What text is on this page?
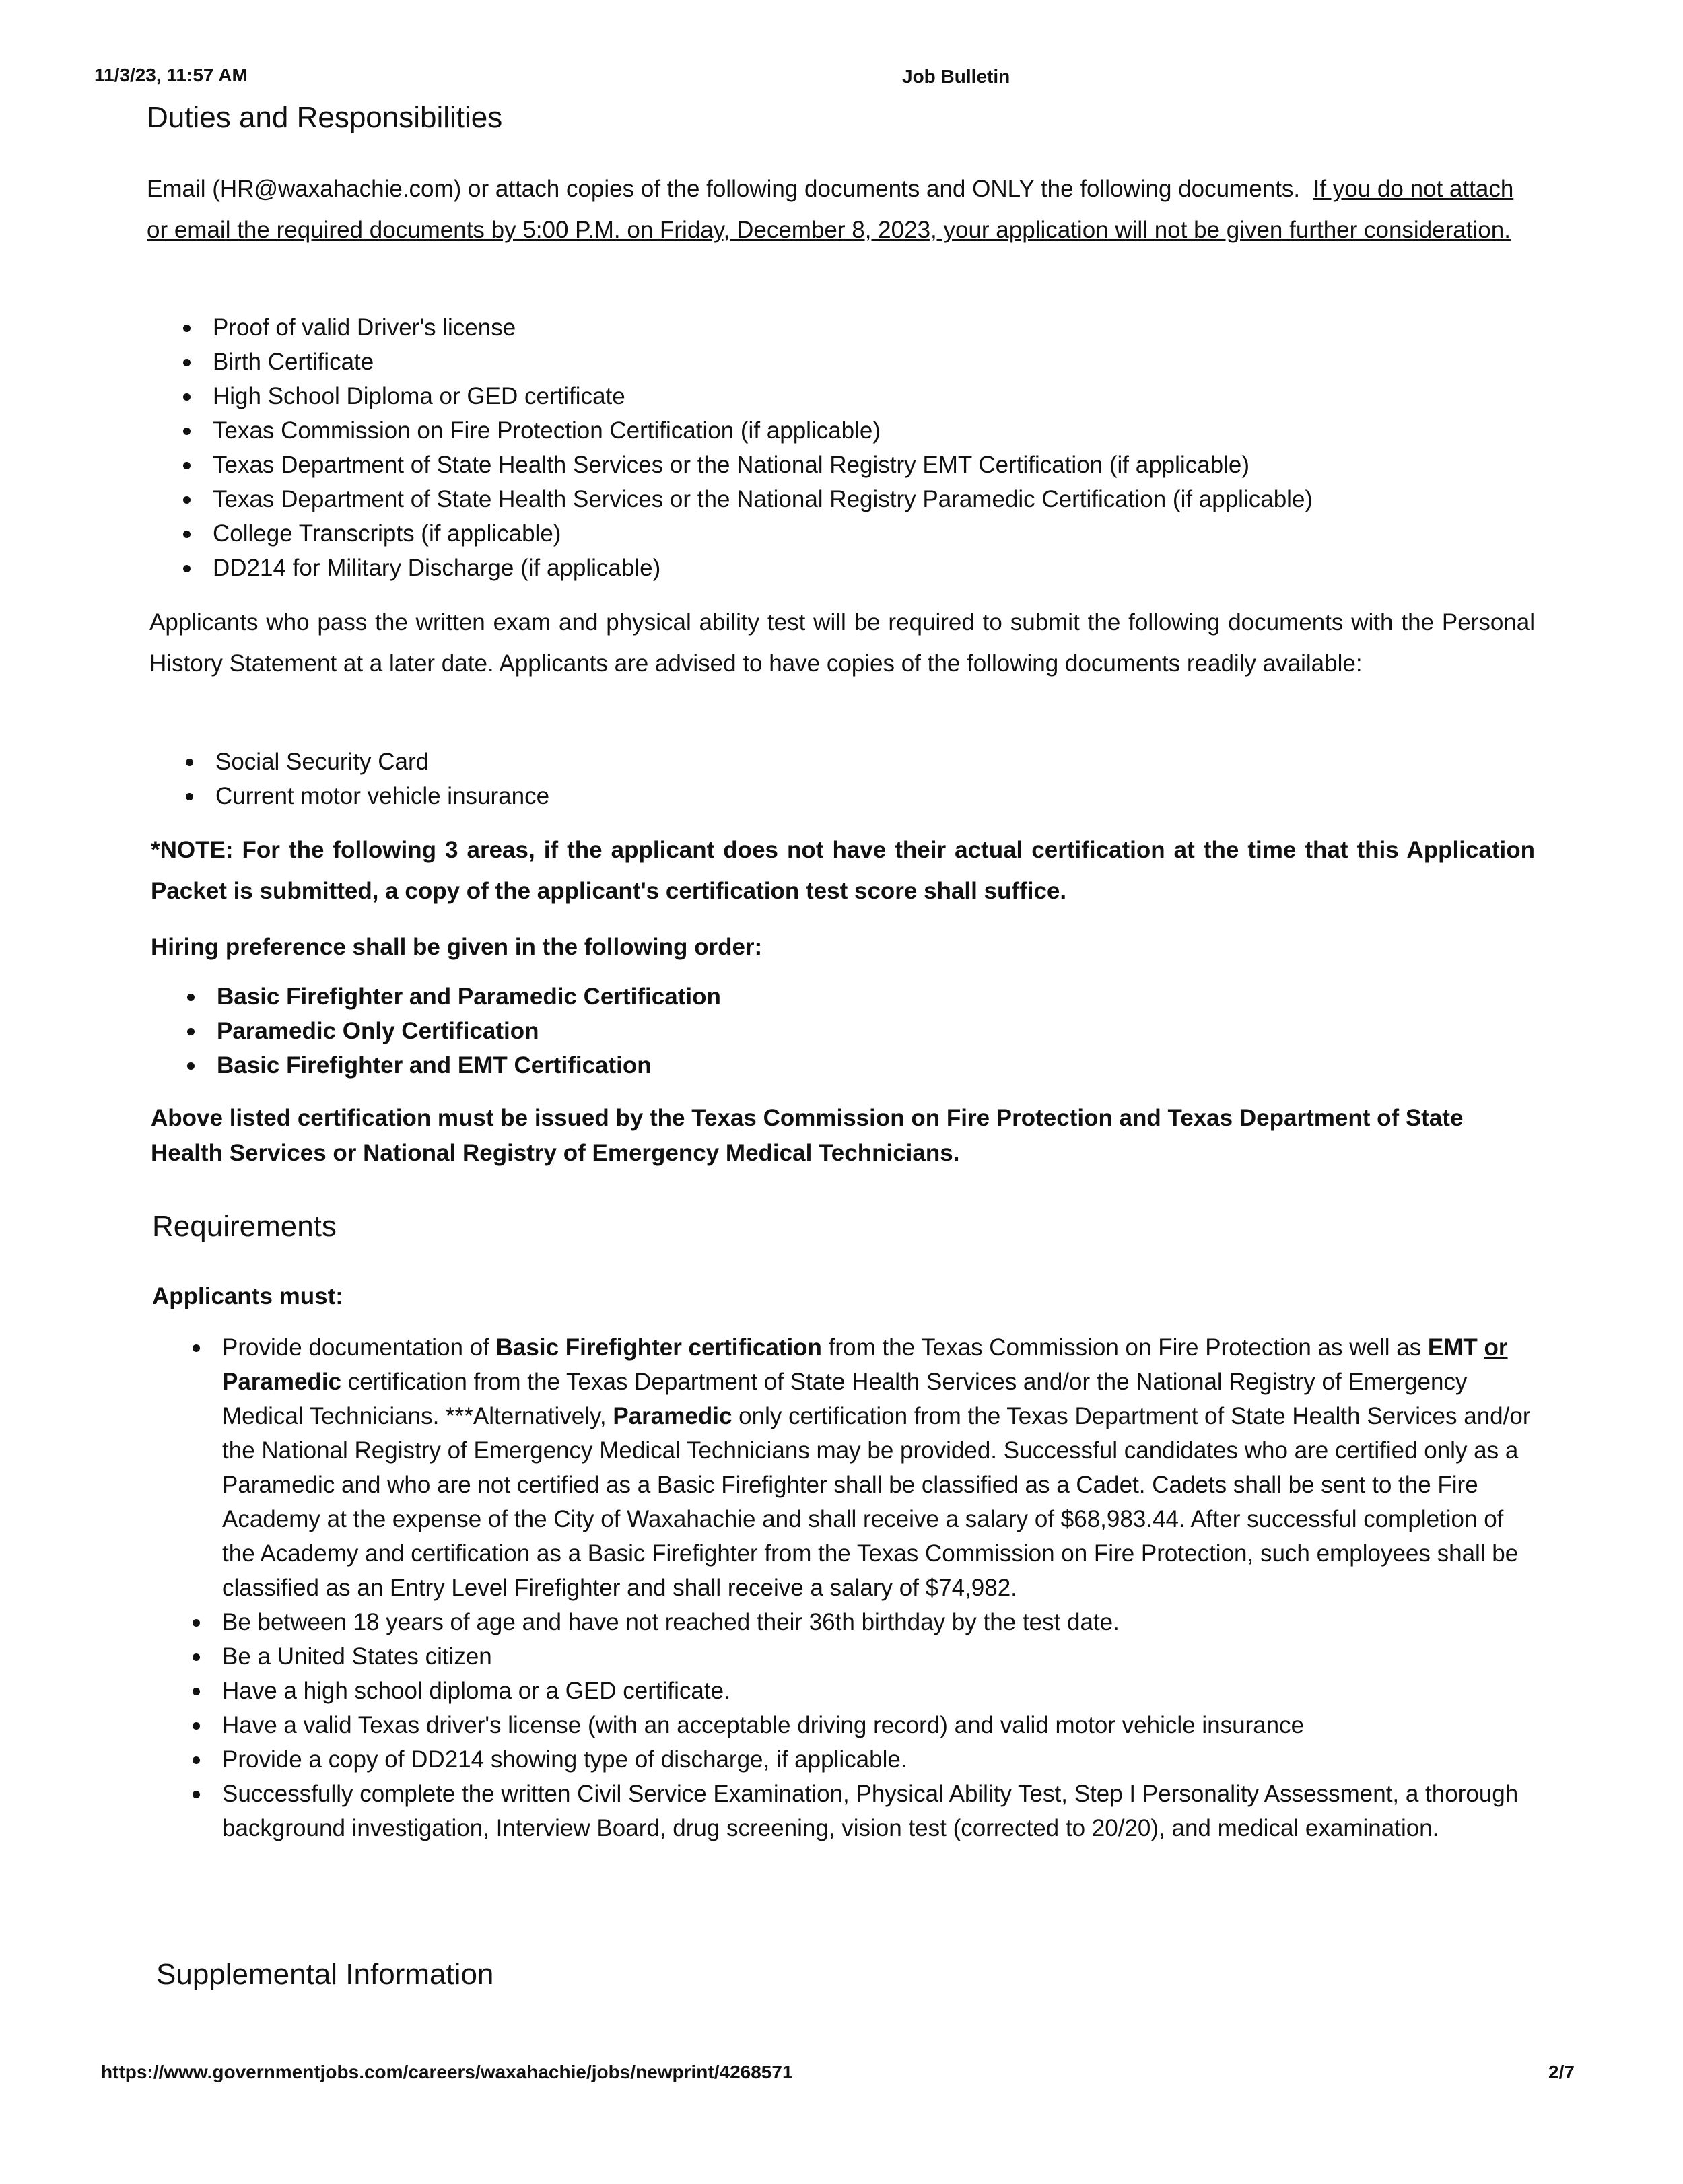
11/3/23, 11:57 AM	Job Bulletin
Duties and Responsibilities
Email (HR@waxahachie.com) or attach copies of the following documents and ONLY the following documents. If you do not attach or email the required documents by 5:00 P.M. on Friday, December 8, 2023, your application will not be given further consideration.
Proof of valid Driver's license
Birth Certificate
High School Diploma or GED certificate
Texas Commission on Fire Protection Certification (if applicable)
Texas Department of State Health Services or the National Registry EMT Certification (if applicable)
Texas Department of State Health Services or the National Registry Paramedic Certification (if applicable)
College Transcripts (if applicable)
DD214 for Military Discharge (if applicable)
Applicants who pass the written exam and physical ability test will be required to submit the following documents with the Personal History Statement at a later date. Applicants are advised to have copies of the following documents readily available:
Social Security Card
Current motor vehicle insurance
*NOTE: For the following 3 areas, if the applicant does not have their actual certification at the time that this Application Packet is submitted, a copy of the applicant's certification test score shall suffice.
Hiring preference shall be given in the following order:
Basic Firefighter and Paramedic Certification
Paramedic Only Certification
Basic Firefighter and EMT Certification
Above listed certification must be issued by the Texas Commission on Fire Protection and Texas Department of State Health Services or National Registry of Emergency Medical Technicians.
Requirements
Applicants must:
Provide documentation of Basic Firefighter certification from the Texas Commission on Fire Protection as well as EMT or Paramedic certification from the Texas Department of State Health Services and/or the National Registry of Emergency Medical Technicians. ***Alternatively, Paramedic only certification from the Texas Department of State Health Services and/or the National Registry of Emergency Medical Technicians may be provided. Successful candidates who are certified only as a Paramedic and who are not certified as a Basic Firefighter shall be classified as a Cadet. Cadets shall be sent to the Fire Academy at the expense of the City of Waxahachie and shall receive a salary of $68,983.44. After successful completion of the Academy and certification as a Basic Firefighter from the Texas Commission on Fire Protection, such employees shall be classified as an Entry Level Firefighter and shall receive a salary of $74,982.
Be between 18 years of age and have not reached their 36th birthday by the test date.
Be a United States citizen
Have a high school diploma or a GED certificate.
Have a valid Texas driver's license (with an acceptable driving record) and valid motor vehicle insurance
Provide a copy of DD214 showing type of discharge, if applicable.
Successfully complete the written Civil Service Examination, Physical Ability Test, Step I Personality Assessment, a thorough background investigation, Interview Board, drug screening, vision test (corrected to 20/20), and medical examination.
Supplemental Information
https://www.governmentjobs.com/careers/waxahachie/jobs/newprint/4268571	2/7
